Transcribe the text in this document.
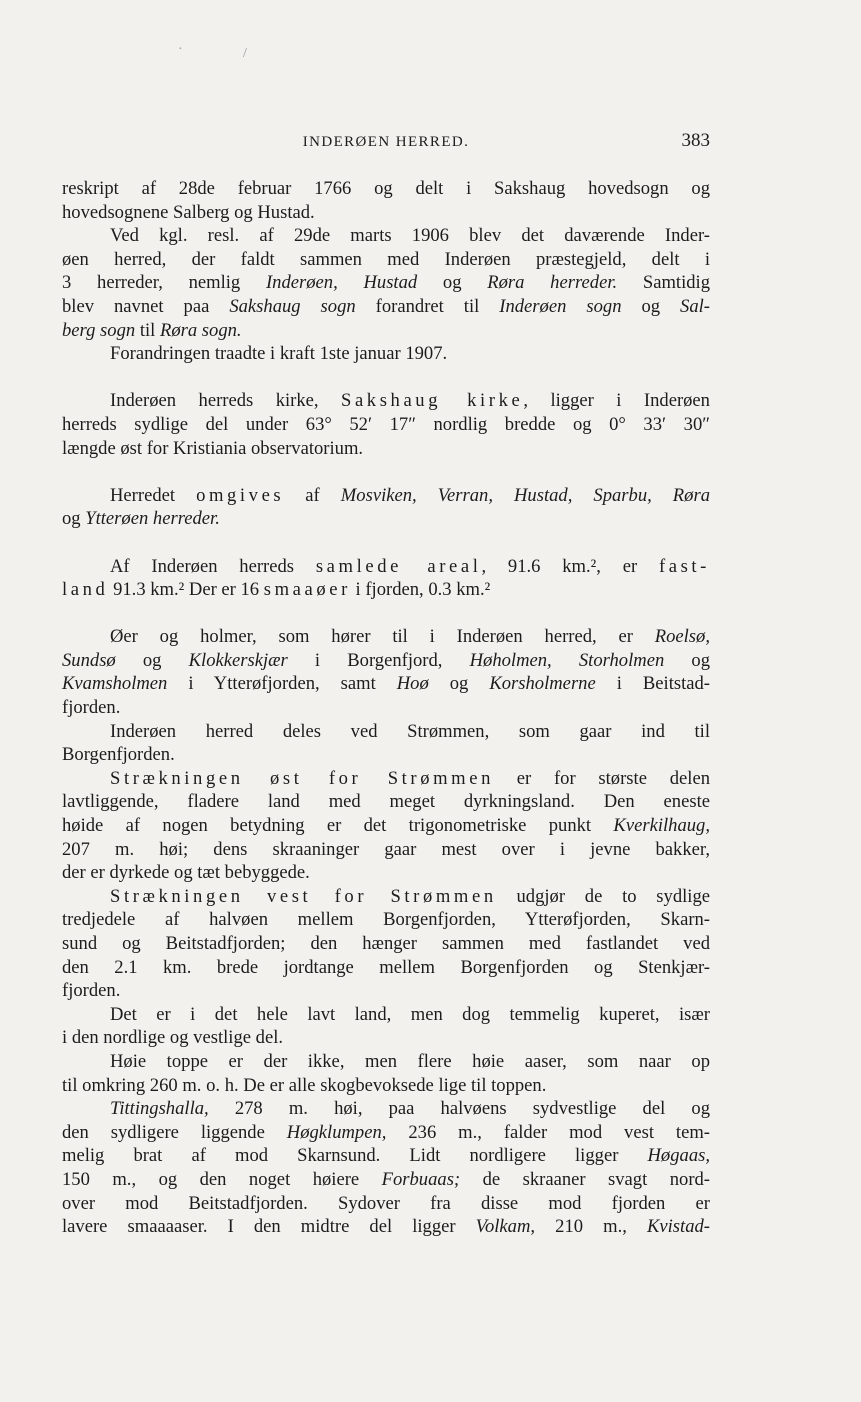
·	/
INDERØEN HERRED.	383
reskript af 28de februar 1766 og delt i Sakshaug hovedsogn og
hovedsognene Salberg og Hustad.
Ved kgl. resl. af 29de marts 1906 blev det daværende Inder-
øen herred, der faldt sammen med Inderøen præstegjeld, delt i
3 herreder, nemlig Inderøen, Hustad og Røra herreder. Samtidig
blev navnet paa Sakshaug sogn forandret til Inderøen sogn og Sal-
berg sogn til Røra sogn.
Forandringen traadte i kraft 1ste januar 1907.
Inderøen herreds kirke, Sakshaug kirke, ligger i Inderøen
herreds sydlige del under 63° 52′ 17″ nordlig bredde og 0° 33′ 30″
længde øst for Kristiania observatorium.
Herredet omgives af Mosviken, Verran, Hustad, Sparbu, Røra
og Ytterøen herreder.
Af Inderøen herreds samlede areal, 91.6 km.², er fast-
land 91.3 km.² Der er 16 smaaøer i fjorden, 0.3 km.²
Øer og holmer, som hører til i Inderøen herred, er Roelsø,
Sundsø og Klokkerskjær i Borgenfjord, Høholmen, Storholmen og
Kvamsholmen i Ytterøfjorden, samt Hoø og Korsholmerne i Beitstad-
fjorden.
Inderøen herred deles ved Strømmen, som gaar ind til
Borgenfjorden.
Strækningen øst for Strømmen er for største delen
lavtliggende, fladere land med meget dyrkningsland. Den eneste
høide af nogen betydning er det trigonometriske punkt Kverkilhaug,
207 m. høi; dens skraaninger gaar mest over i jevne bakker,
der er dyrkede og tæt bebyggede.
Strækningen vest for Strømmen udgjør de to sydlige
tredjedele af halvøen mellem Borgenfjorden, Ytterøfjorden, Skarn-
sund og Beitstadfjorden; den hænger sammen med fastlandet ved
den 2.1 km. brede jordtange mellem Borgenfjorden og Stenkjær-
fjorden.
Det er i det hele lavt land, men dog temmelig kuperet, især
i den nordlige og vestlige del.
Høie toppe er der ikke, men flere høie aaser, som naar op
til omkring 260 m. o. h. De er alle skogbevoksede lige til toppen.
Tittingshalla, 278 m. høi, paa halvøens sydvestlige del og
den sydligere liggende Høgklumpen, 236 m., falder mod vest tem-
melig brat af mod Skarnsund. Lidt nordligere ligger Høgaas,
150 m., og den noget høiere Forbuaas; de skraaner svagt nord-
over mod Beitstadfjorden. Sydover fra disse mod fjorden er
lavere smaaaaser. I den midtre del ligger Volkam, 210 m., Kvistad-
